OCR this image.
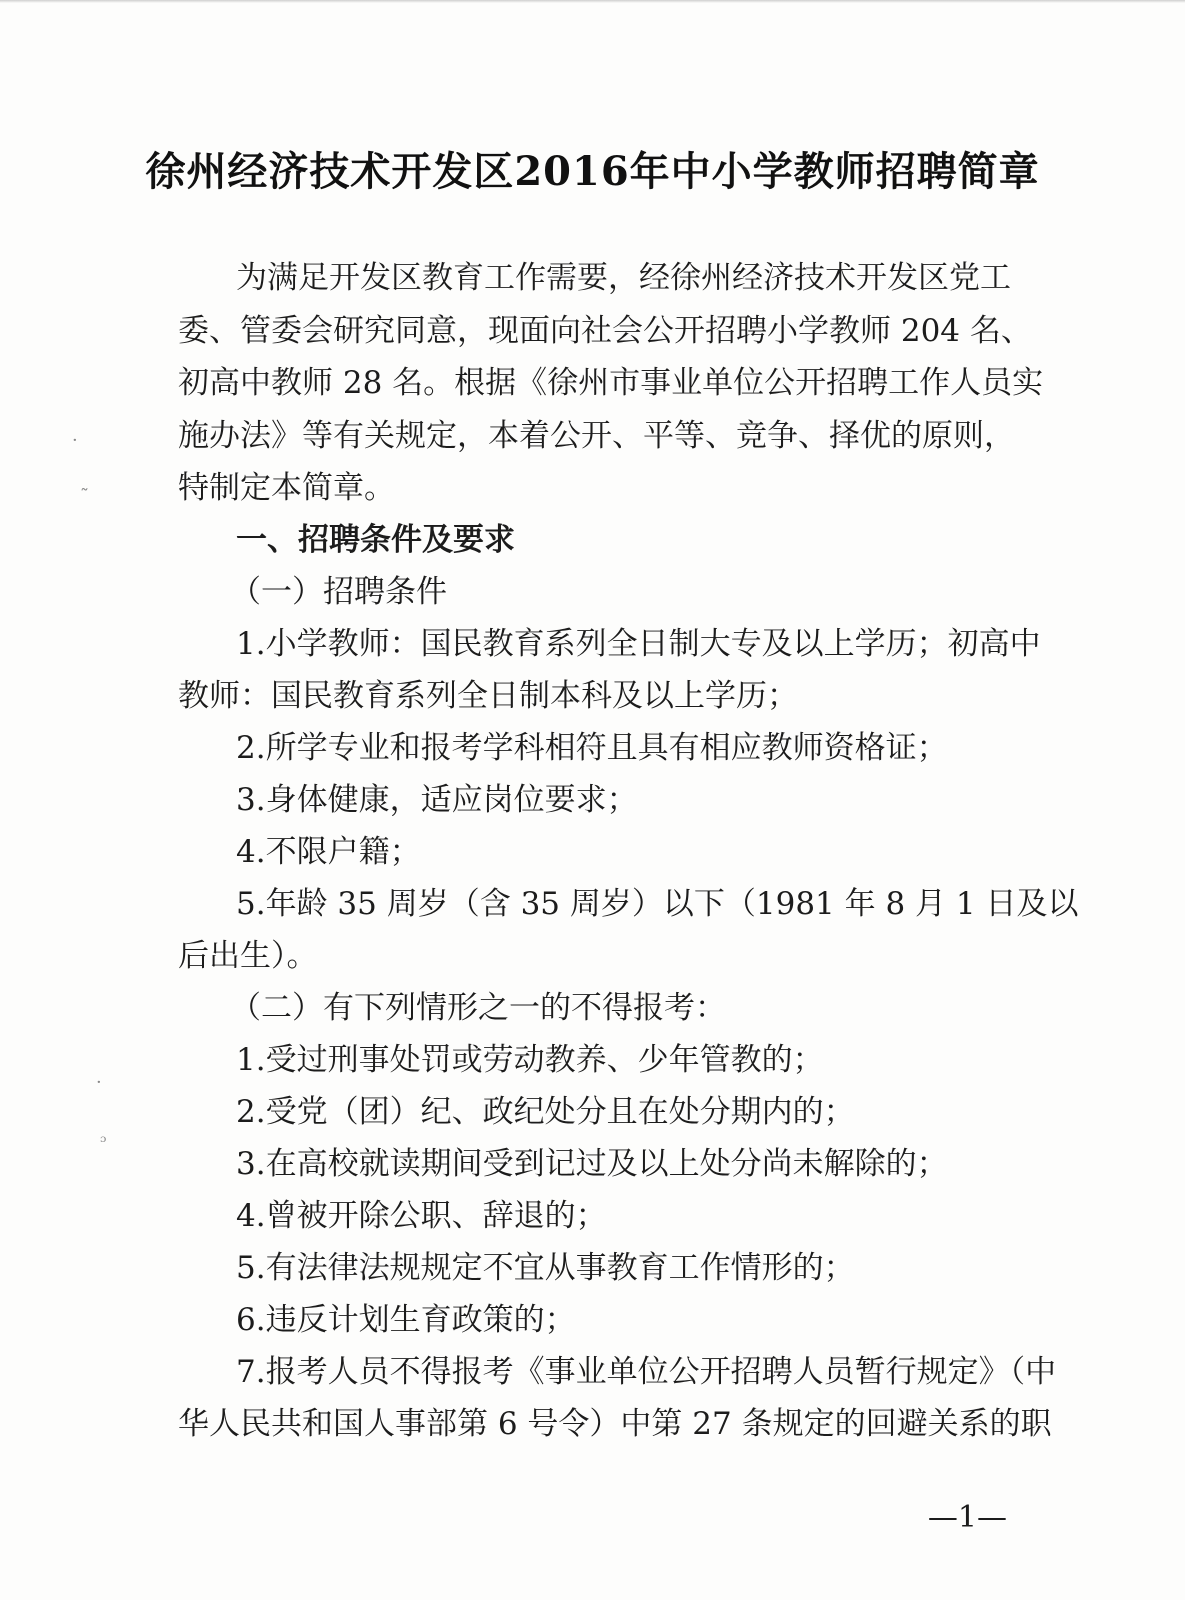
徐州经济技术开发区2016年中小学教师招聘简章
为满足开发区教育工作需要，经徐州经济技术开发区党工
委、管委会研究同意，现面向社会公开招聘小学教师 204 名、
初高中教师 28 名。根据《徐州市事业单位公开招聘工作人员实
施办法》等有关规定，本着公开、平等、竞争、择优的原则，
特制定本简章。
一、招聘条件及要求
（一）招聘条件
1.小学教师：国民教育系列全日制大专及以上学历；初高中
教师：国民教育系列全日制本科及以上学历；
2.所学专业和报考学科相符且具有相应教师资格证；
3.身体健康，适应岗位要求；
4.不限户籍；
5.年龄 35 周岁（含 35 周岁）以下（1981 年 8 月 1 日及以
后出生）。
（二）有下列情形之一的不得报考：
1.受过刑事处罚或劳动教养、少年管教的；
2.受党（团）纪、政纪处分且在处分期内的；
3.在高校就读期间受到记过及以上处分尚未解除的；
4.曾被开除公职、辞退的；
5.有法律法规规定不宜从事教育工作情形的；
6.违反计划生育政策的；
7.报考人员不得报考《事业单位公开招聘人员暂行规定》（中
华人民共和国人事部第 6 号令）中第 27 条规定的回避关系的职
—1—
·
˜
·
ᵓ
